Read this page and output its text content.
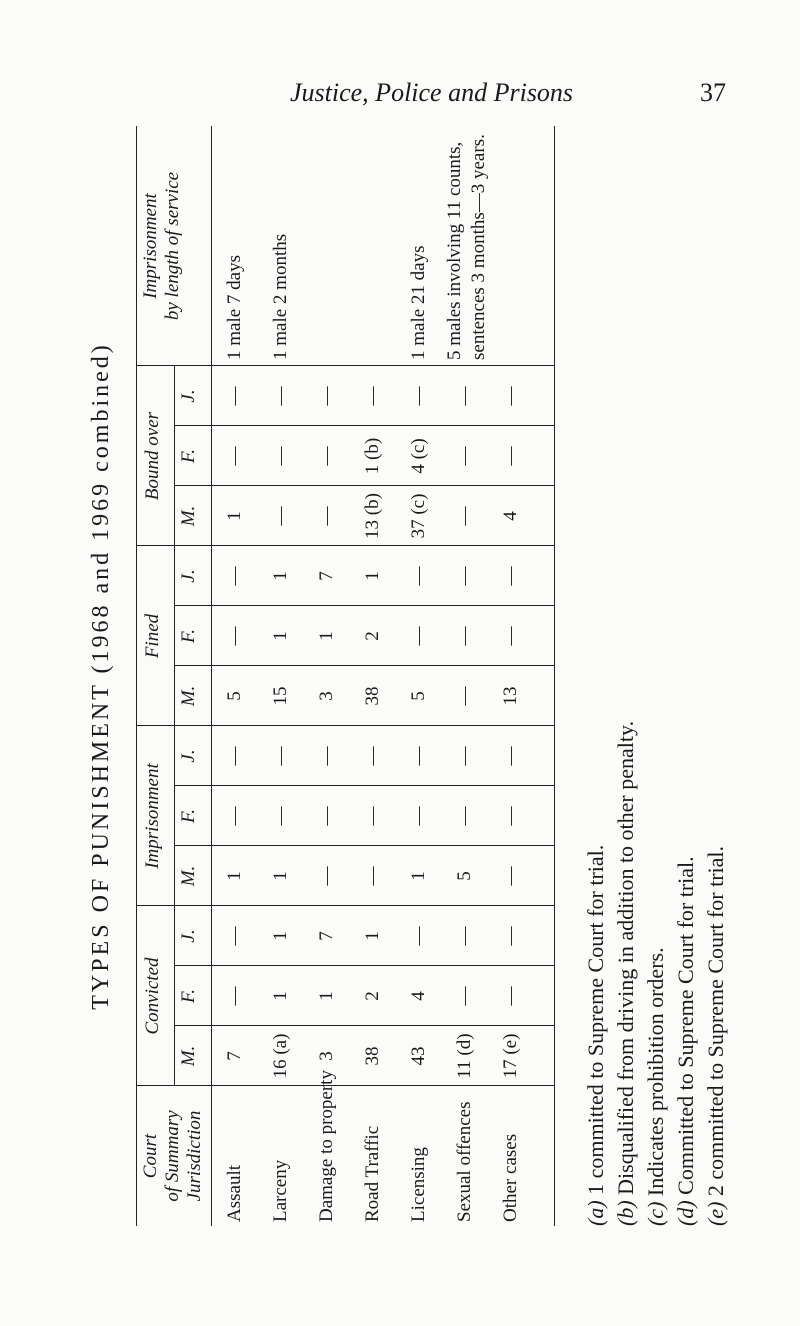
Justice, Police and Prisons	37
TYPES OF PUNISHMENT (1968 and 1969 combined)
Court of Summary Jurisdiction
Convicted
Imprisonment
Fined
Bound over
Imprisonment by length of service
M.
F.
J.
M.
F.
J.
M.
F.
J.
M.
F.
J.
Assault
7
—
—
1
—
—
5
—
—
1
—
—
1 male 7 days
Larceny
16 (a)
1
1
1
—
—
15
1
1
—
—
—
1 male 2 months
Damage to property
3
1
7
—
—
—
3
1
7
—
—
—
Road Traffic
38
2
1
—
—
—
38
2
1
13 (b)
1 (b)
—
Licensing
43
4
—
1
—
—
5
—
—
37 (c)
4 (c)
—
1 male 21 days
Sexual offences
11 (d)
—
—
5
—
—
—
—
—
—
—
—
5 males involving 11 counts, sentences 3 months—3 years.
Other cases
17 (e)
—
—
—
—
—
13
—
—
4
—
—
(a) 1 committed to Supreme Court for trial.
(b) Disqualified from driving in addition to other penalty.
(c) Indicates prohibition orders.
(d) Committed to Supreme Court for trial.
(e) 2 committed to Supreme Court for trial.
